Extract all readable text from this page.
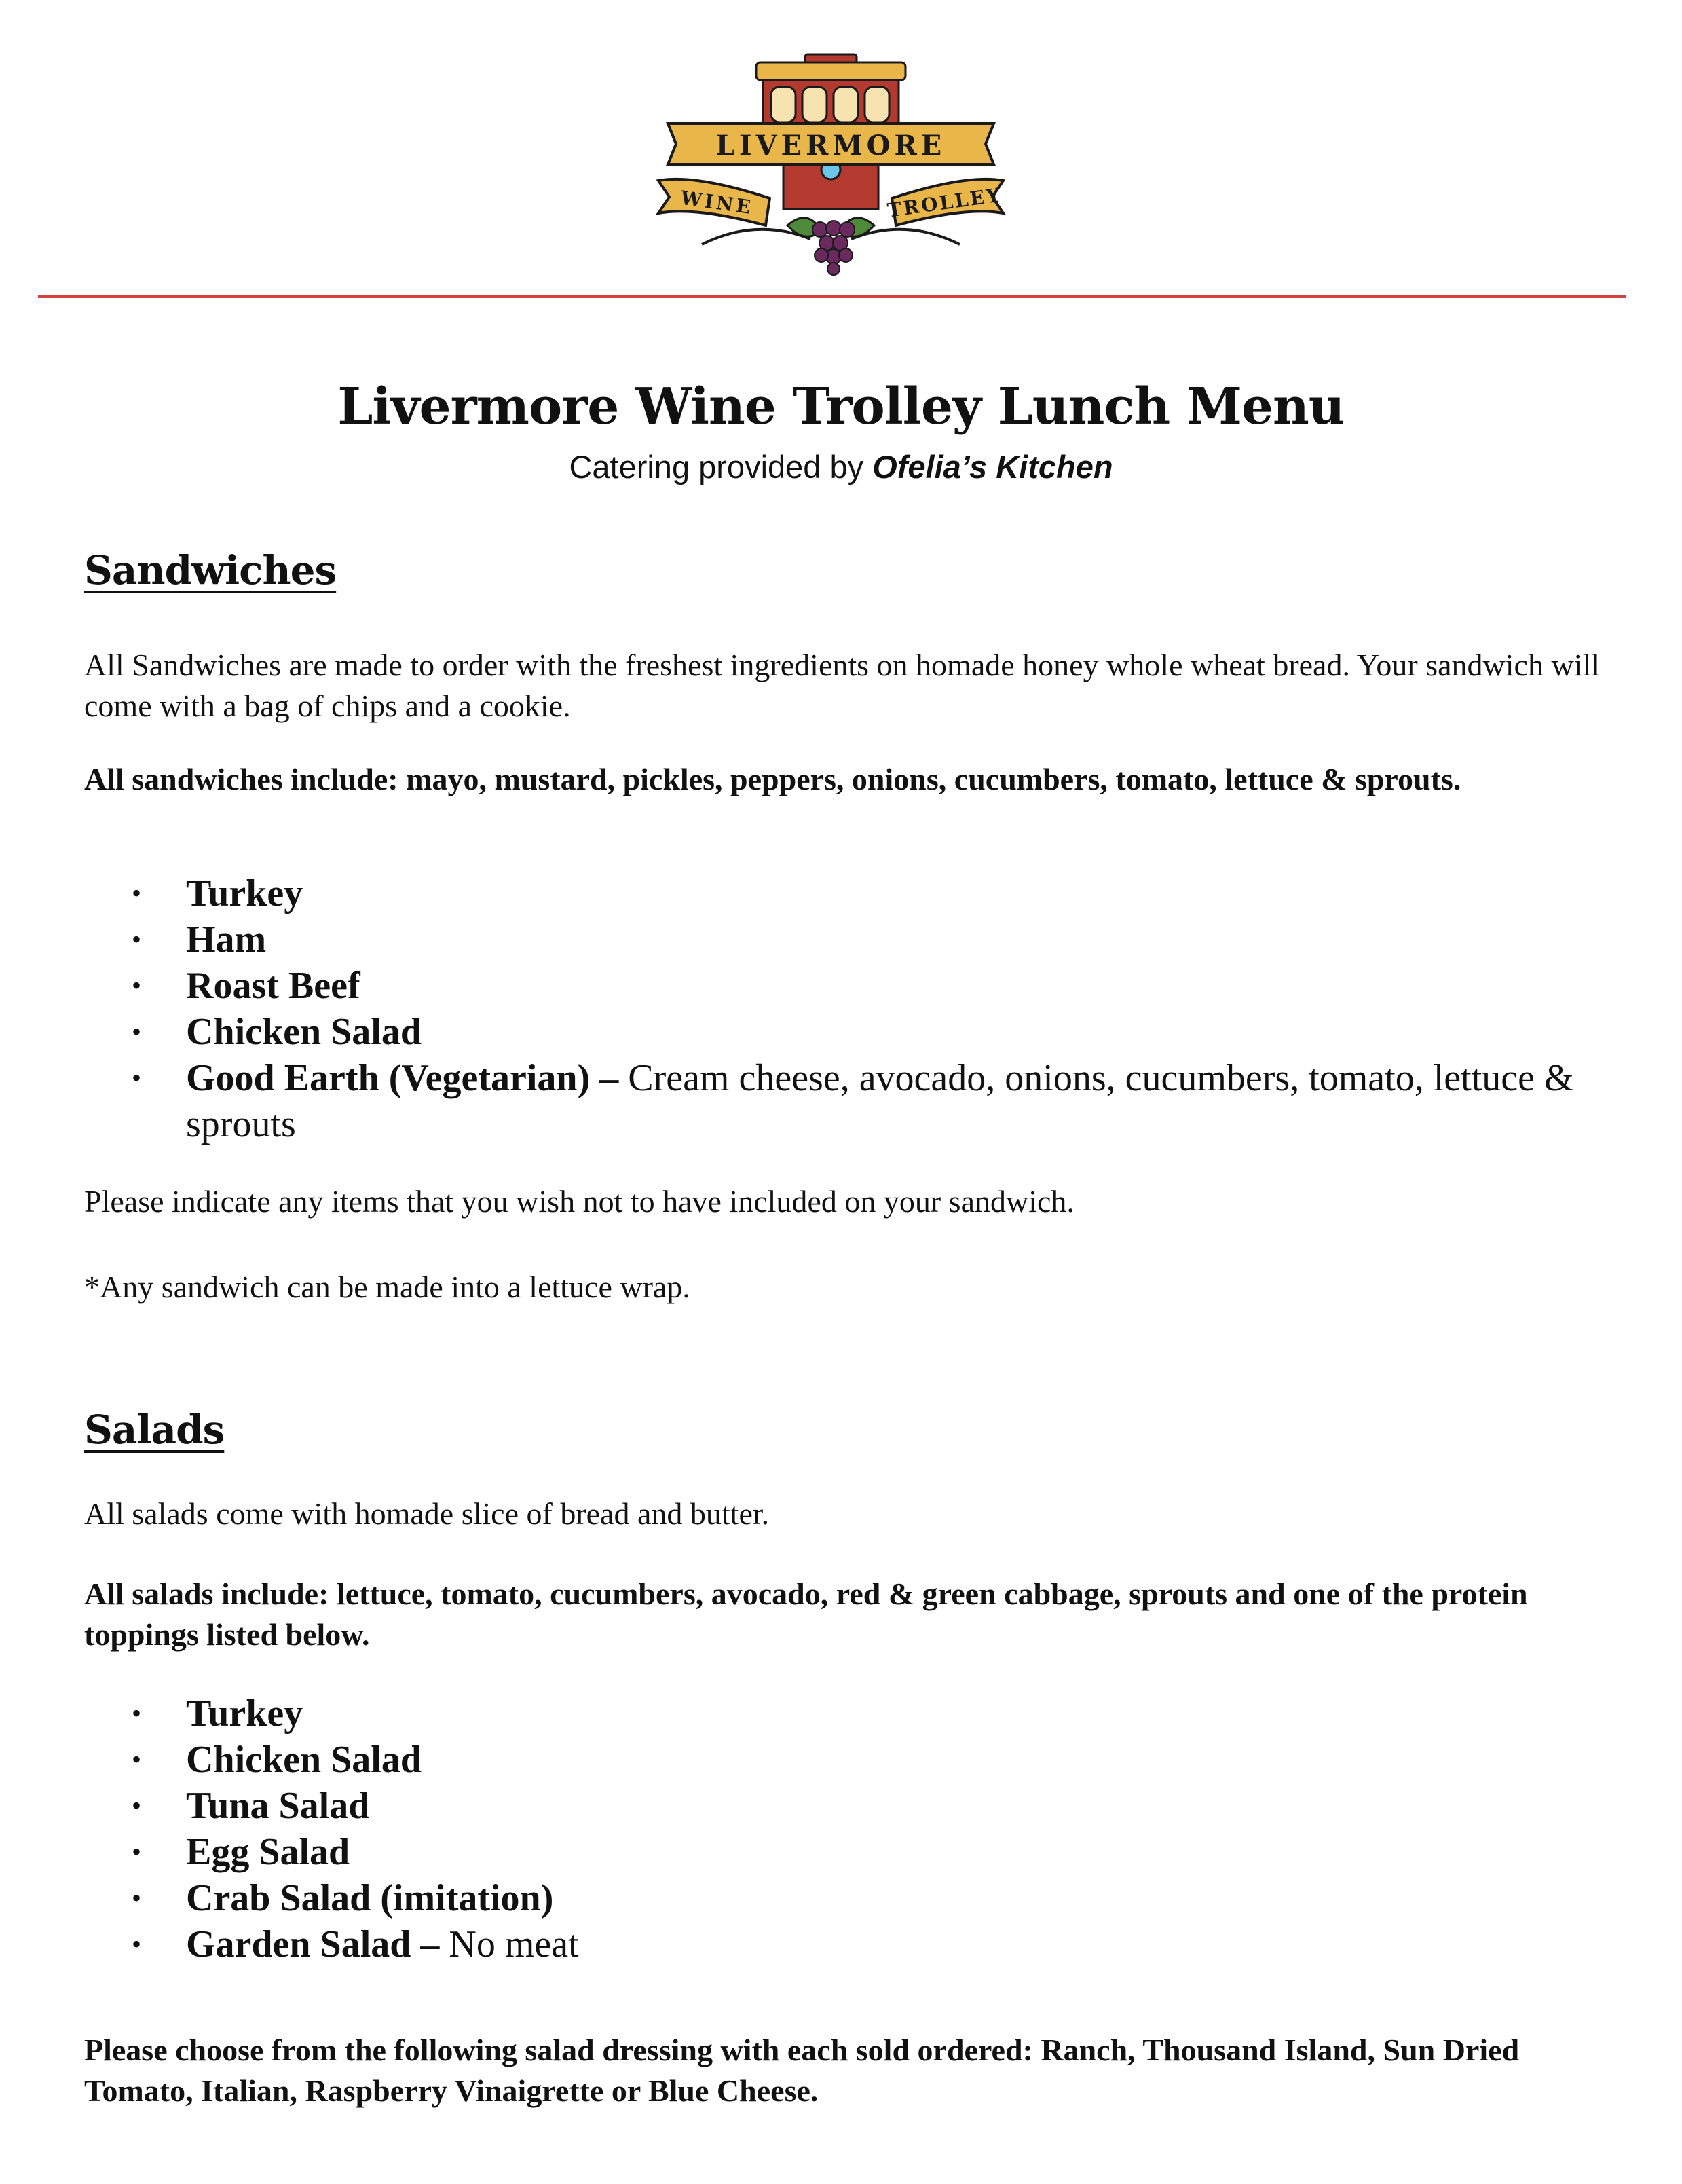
LIVERMORE
WINE	TROLLEY
Livermore Wine Trolley Lunch Menu
Catering provided by Ofelia’s Kitchen
Sandwiches
All Sandwiches are made to order with the freshest ingredients on homade honey whole wheat bread. Your sandwich will come with a bag of chips and a cookie.
All sandwiches include: mayo, mustard, pickles, peppers, onions, cucumbers, tomato, lettuce & sprouts.
• Turkey
• Ham
• Roast Beef
• Chicken Salad
• Good Earth (Vegetarian) – Cream cheese, avocado, onions, cucumbers, tomato, lettuce & sprouts
Please indicate any items that you wish not to have included on your sandwich.
*Any sandwich can be made into a lettuce wrap.
Salads
All salads come with homade slice of bread and butter.
All salads include: lettuce, tomato, cucumbers, avocado, red & green cabbage, sprouts and one of the protein toppings listed below.
• Turkey
• Chicken Salad
• Tuna Salad
• Egg Salad
• Crab Salad (imitation)
• Garden Salad – No meat
Please choose from the following salad dressing with each sold ordered: Ranch, Thousand Island, Sun Dried Tomato, Italian, Raspberry Vinaigrette or Blue Cheese.
